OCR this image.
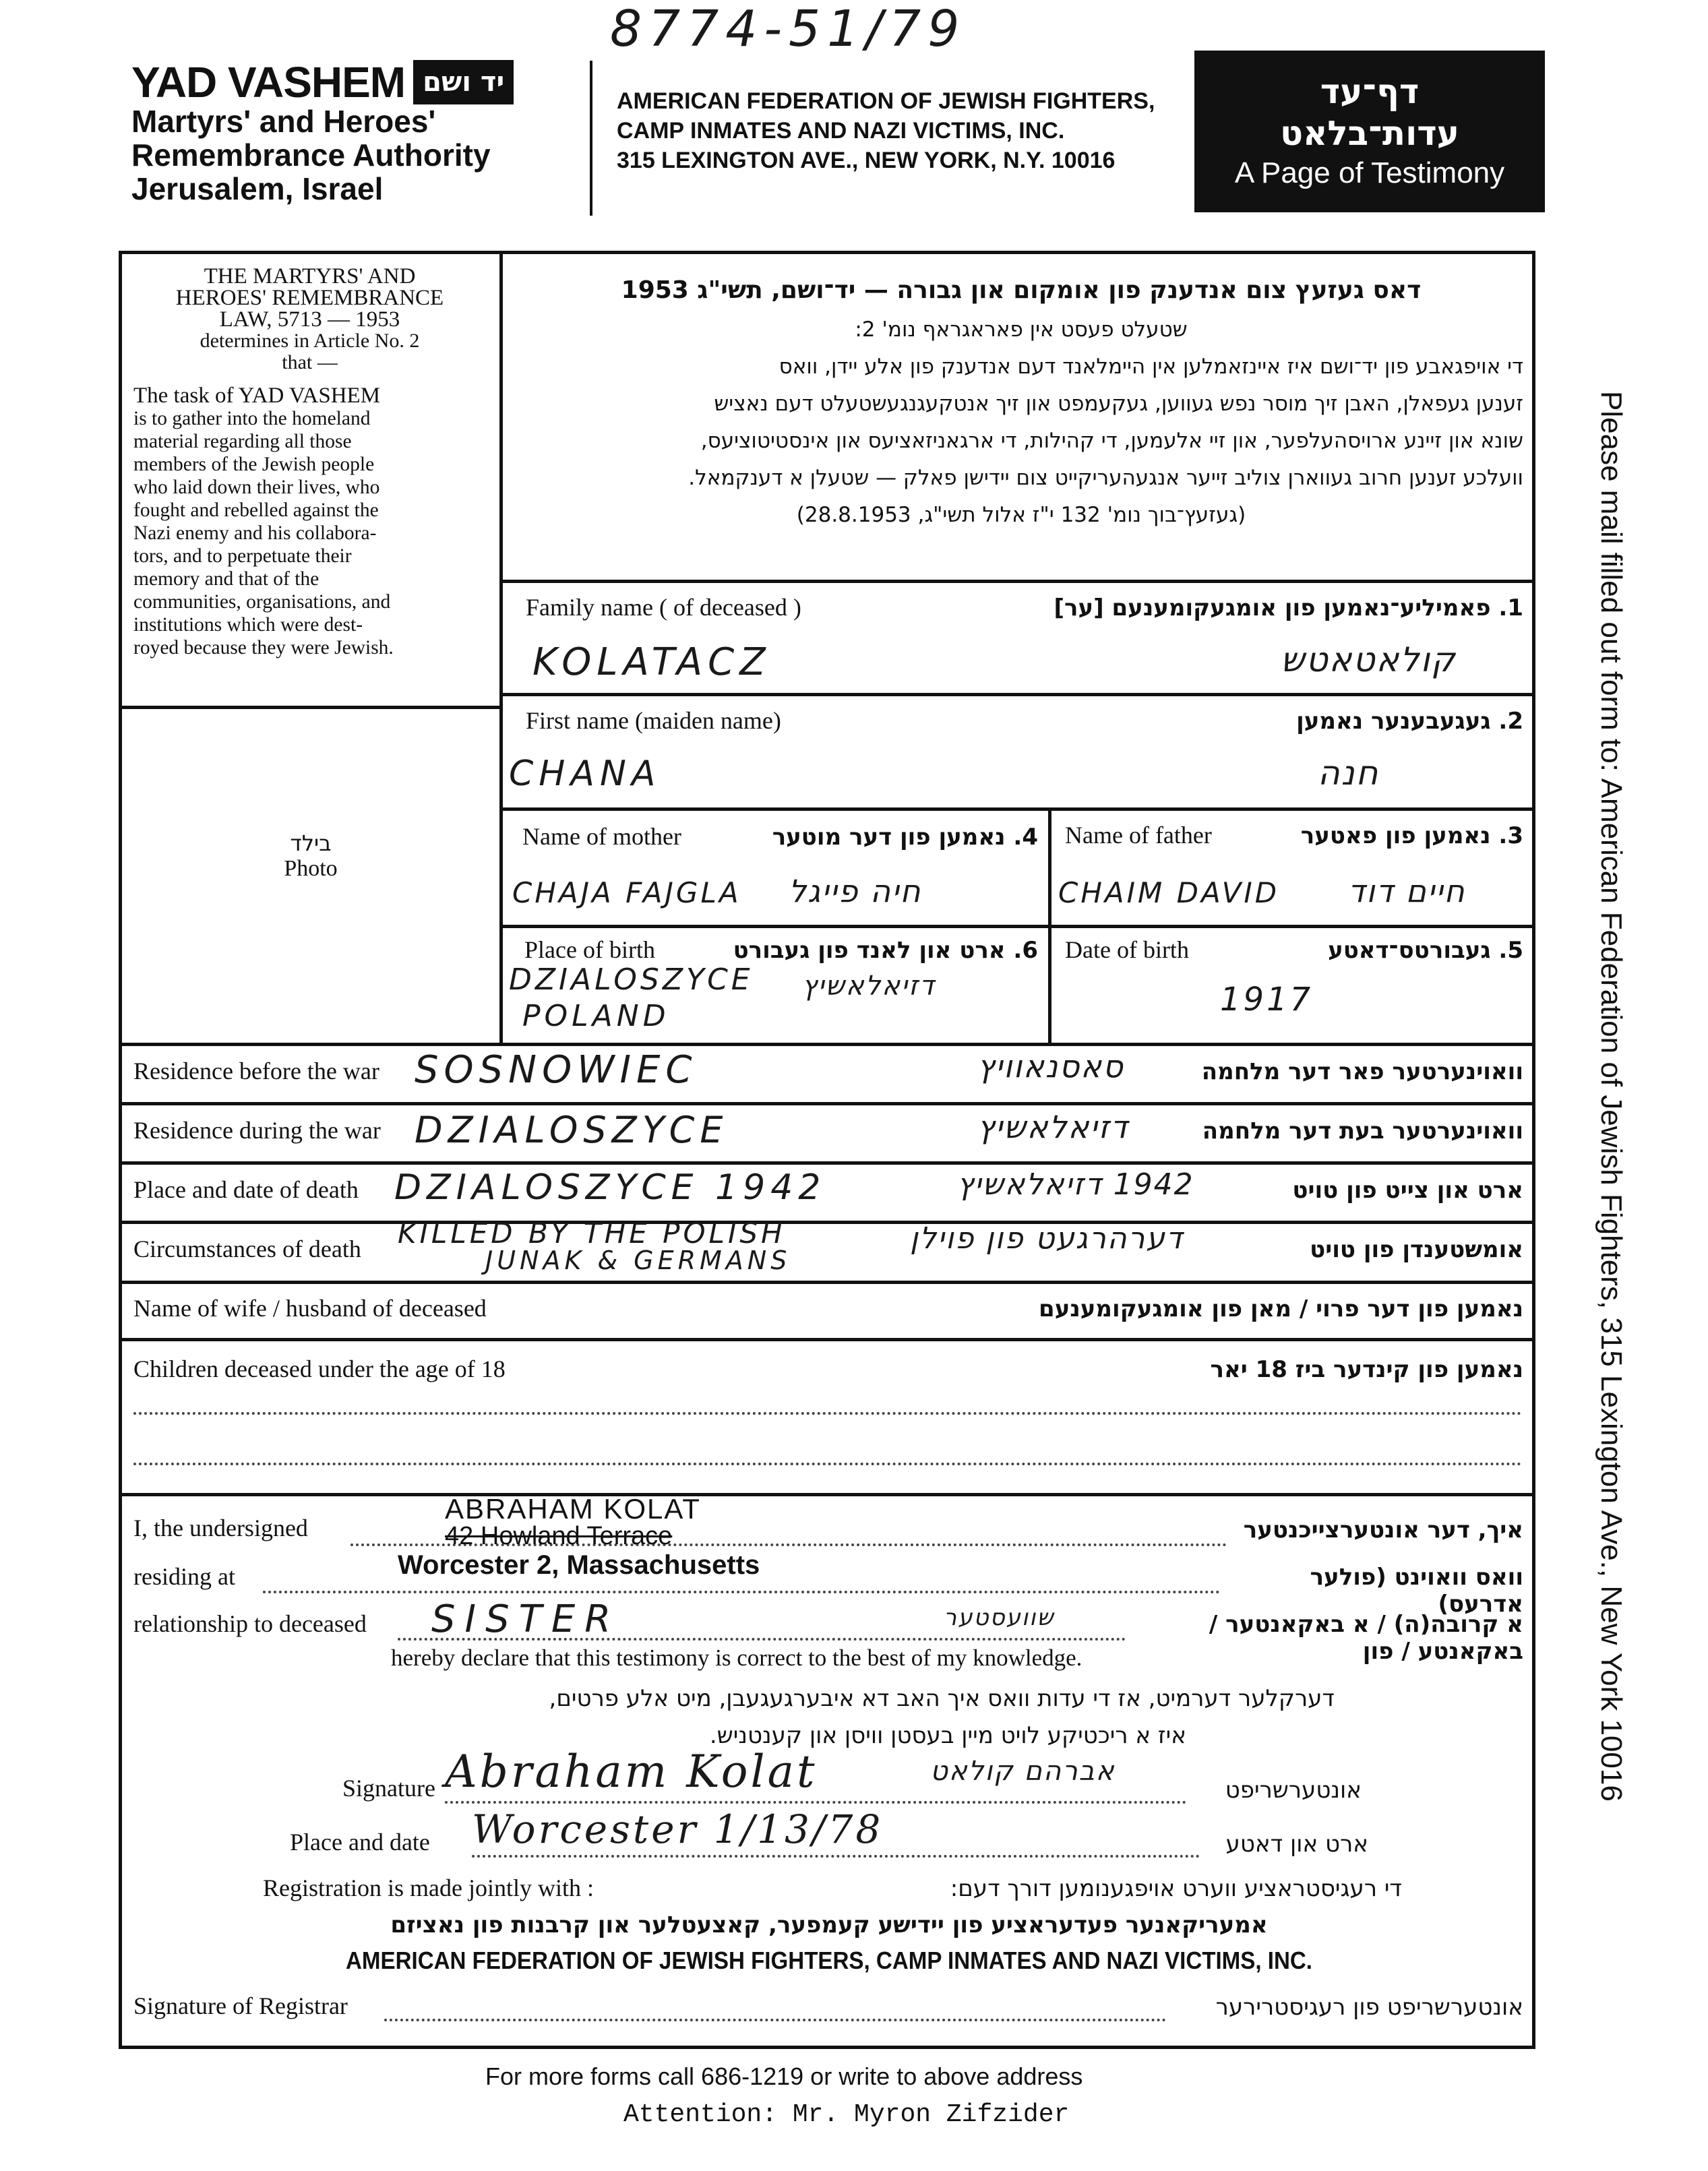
8774-51/79
YAD VASHEM יד ושם
Martyrs' and Heroes'
Remembrance Authority
Jerusalem, Israel
AMERICAN FEDERATION OF JEWISH FIGHTERS,
CAMP INMATES AND NAZI VICTIMS, INC.
315 LEXINGTON AVE., NEW YORK, N.Y. 10016
דף־עד
עדות־בלאט
A Page of Testimony
THE MARTYRS' AND
HEROES' REMEMBRANCE
LAW, 5713 — 1953
determines in Article No. 2
that —
The task of YAD VASHEM
is to gather into the homeland
material regarding all those
members of the Jewish people
who laid down their lives, who
fought and rebelled against the
Nazi enemy and his collabora-
tors, and to perpetuate their
memory and that of the
communities, organisations, and
institutions which were dest-
royed because they were Jewish.
בילד
Photo
דאס געזעץ צום אנדענק פון אומקום און גבורה — יד־ושם, תשי"ג 1953
שטעלט פעסט אין פאראגראף נומ' 2:
די אויפגאבע פון יד־ושם איז איינזאמלען אין היימלאנד דעם אנדענק פון אלע יידן, וואס
זענען געפאלן, האבן זיך מוסר נפש געווען, געקעמפט און זיך אנטקעגנגעשטעלט דעם נאציש
שונא און זיינע ארויסהעלפער, און זיי אלעמען, די קהילות, די ארגאניזאציעס און אינסטיטוציעס,
וועלכע זענען חרוב געווארן צוליב זייער אנגעהעריקייט צום יידישן פאלק — שטעלן א דענקמאל.
(געזעץ־בוך נומ' 132 י"ז אלול תשי"ג, 28.8.1953)
Family name ( of deceased )	1. פאמיליע־נאמען פון אומגעקומענעם [ער]
KOLATACZ	קולאטאטש
First name (maiden name)	2. געגעבענער נאמען
CHANA	חנה
Name of mother	4. נאמען פון דער מוטער
CHAJA FAJGLA חיה פייגל
Name of father	3. נאמען פון פאטער
CHAIM DAVID חיים דוד
Place of birth	6. ארט און לאנד פון געבורט
DZIALOSZYCE
POLAND
דזיאלאשיץ
Date of birth	5. געבורטס־דאטע
1917
Residence before the war	וואוינערטער פאר דער מלחמה
SOSNOWIEC	סאסנאוויץ
Residence during the war	וואוינערטער בעת דער מלחמה
DZIALOSZYCE	דזיאלאשיץ
Place and date of death	ארט און צייט פון טויט
DZIALOSZYCE 1942	1942 דזיאלאשיץ
Circumstances of death	אומשטענדן פון טויט
KILLED BY THE POLISH
JUNAK & GERMANS
דערהרגעט פון פוילן
Name of wife / husband of deceased	נאמען פון דער פרוי / מאן פון אומגעקומענעם
Children deceased under the age of 18	נאמען פון קינדער ביז 18 יאר
I, the undersigned	איך, דער אונטערצייכנטער
ABRAHAM KOLAT
42 Howland Terrace
residing at	וואס וואוינט (פולער אדרעס)
Worcester 2, Massachusetts
relationship to deceased	א קרובה(ה) / א באקאנטער / באקאנטע / פון
SISTER	שוועסטער
hereby declare that this testimony is correct to the best of my knowledge.
דערקלער דערמיט, אז די עדות וואס איך האב דא איבערגעגעבן, מיט אלע פרטים,
איז א ריכטיקע לויט מיין בעסטן וויסן און קענטניש.
Signature	אונטערשריפט
Abraham Kolat	אברהם קולאט
Place and date	ארט און דאטע
Worcester 1/13/78
Registration is made jointly with :	די רעגיסטראציע ווערט אויפגענומען דורך דעם:
אמעריקאנער פעדעראציע פון יידישע קעמפער, קאצעטלער און קרבנות פון נאציזם
AMERICAN FEDERATION OF JEWISH FIGHTERS, CAMP INMATES AND NAZI VICTIMS, INC.
Signature of Registrar	אונטערשריפט פון רעגיסטרירער
Please mail filled out form to: American Federation of Jewish Fighters, 315 Lexington Ave., New York 10016
For more forms call 686-1219 or write to above address
Attention: Mr. Myron Zifzider
